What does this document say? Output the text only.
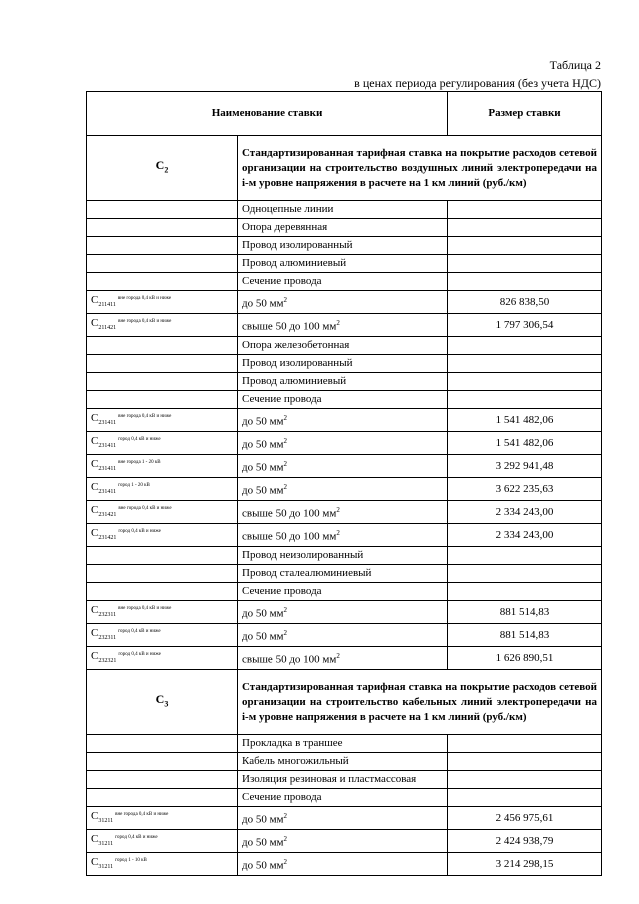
Таблица 2
в ценах периода регулирования (без учета НДС)
Наименование ставки		Размер ставки
$C_2$	Стандартизированная тарифная ставка на покрытие расходов сетевой организации на строительство воздушных линий электропередачи на i-м уровне напряжения в расчете на 1 км линий (руб./км)	
	Одноцепные линии	
	Опора деревянная	
	Провод изолированный	
	Провод алюминиевый	
	Сечение провода	
$C_{211411}^{вне города 0,4 кВ и ниже}$	до 50 $мм^2$	826 838,50
$C_{211421}^{вне города 0,4 кВ и ниже}$	свыше 50 до 100 $мм^2$	1 797 306,54
	Опора железобетонная	
	Провод изолированный	
	Провод алюминиевый	
	Сечение провода	
$C_{231411}^{вне города 0,4 кВ и ниже}$	до 50 $мм^2$	1 541 482,06
$C_{231411}^{город 0,4 кВ и ниже}$	до 50 $мм^2$	1 541 482,06
$C_{231411}^{вне города 1 - 20 кВ}$	до 50 $мм^2$	3 292 941,48
$C_{231411}^{город 1 - 20 кВ}$	до 50 $мм^2$	3 622 235,63
$C_{231421}^{вне города 0,4 кВ и ниже}$	свыше 50 до 100 $мм^2$	2 334 243,00
$C_{231421}^{город 0,4 кВ и ниже}$	свыше 50 до 100 $мм^2$	2 334 243,00
	Провод неизолированный	
	Провод сталеалюминиевый	
	Сечение провода	
$C_{232311}^{вне города 0,4 кВ и ниже}$	до 50 $мм^2$	881 514,83
$C_{232311}^{город 0,4 кВ и ниже}$	до 50 $мм^2$	881 514,83
$C_{232321}^{город 0,4 кВ и ниже}$	свыше 50 до 100 $мм^2$	1 626 890,51
$C_3$	Стандартизированная тарифная ставка на покрытие расходов сетевой организации на строительство кабельных линий электропередачи на i-м уровне напряжения в расчете на 1 км линий (руб./км)	
	Прокладка в траншее	
	Кабель многожильный	
	Изоляция резиновая и пластмассовая	
	Сечение провода	
$C_{31211}^{вне города 0,4 кВ и ниже}$	до 50 $мм^2$	2 456 975,61
$C_{31211}^{город 0,4 кВ и ниже}$	до 50 $мм^2$	2 424 938,79
$C_{31211}^{город 1 - 10 кВ}$	до 50 $мм^2$	3 214 298,15
